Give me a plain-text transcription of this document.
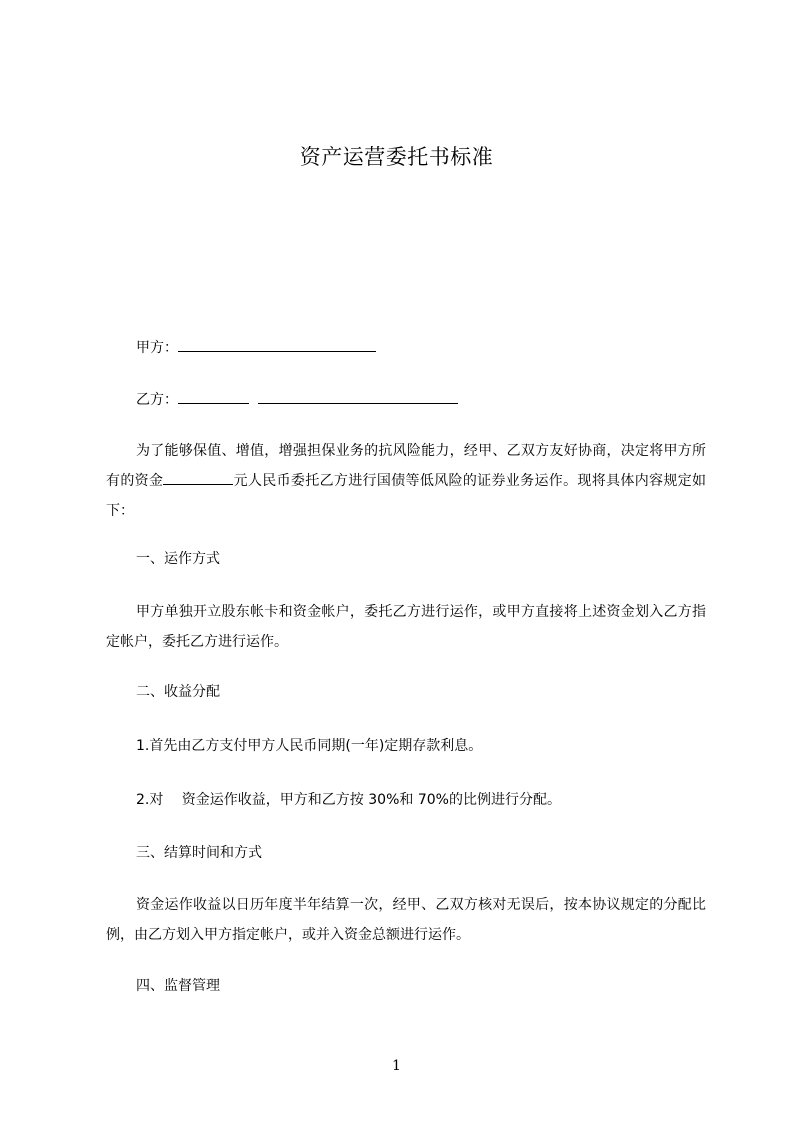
资产运营委托书标准
甲方：
乙方：
为了能够保值、增值，增强担保业务的抗风险能力，经甲、乙双方友好协商，决定将甲方所有的资金	元人民币委托乙方进行国债等低风险的证券业务运作。现将具体内容规定如下：
一、运作方式
甲方单独开立股东帐卡和资金帐户，委托乙方进行运作，或甲方直接将上述资金划入乙方指定帐户，委托乙方进行运作。
二、收益分配
1.首先由乙方支付甲方人民币同期(一年)定期存款利息。
2.对　 资金运作收益，甲方和乙方按 30%和 70%的比例进行分配。
三、结算时间和方式
资金运作收益以日历年度半年结算一次，经甲、乙双方核对无误后，按本协议规定的分配比例，由乙方划入甲方指定帐户，或并入资金总额进行运作。
四、监督管理
1
